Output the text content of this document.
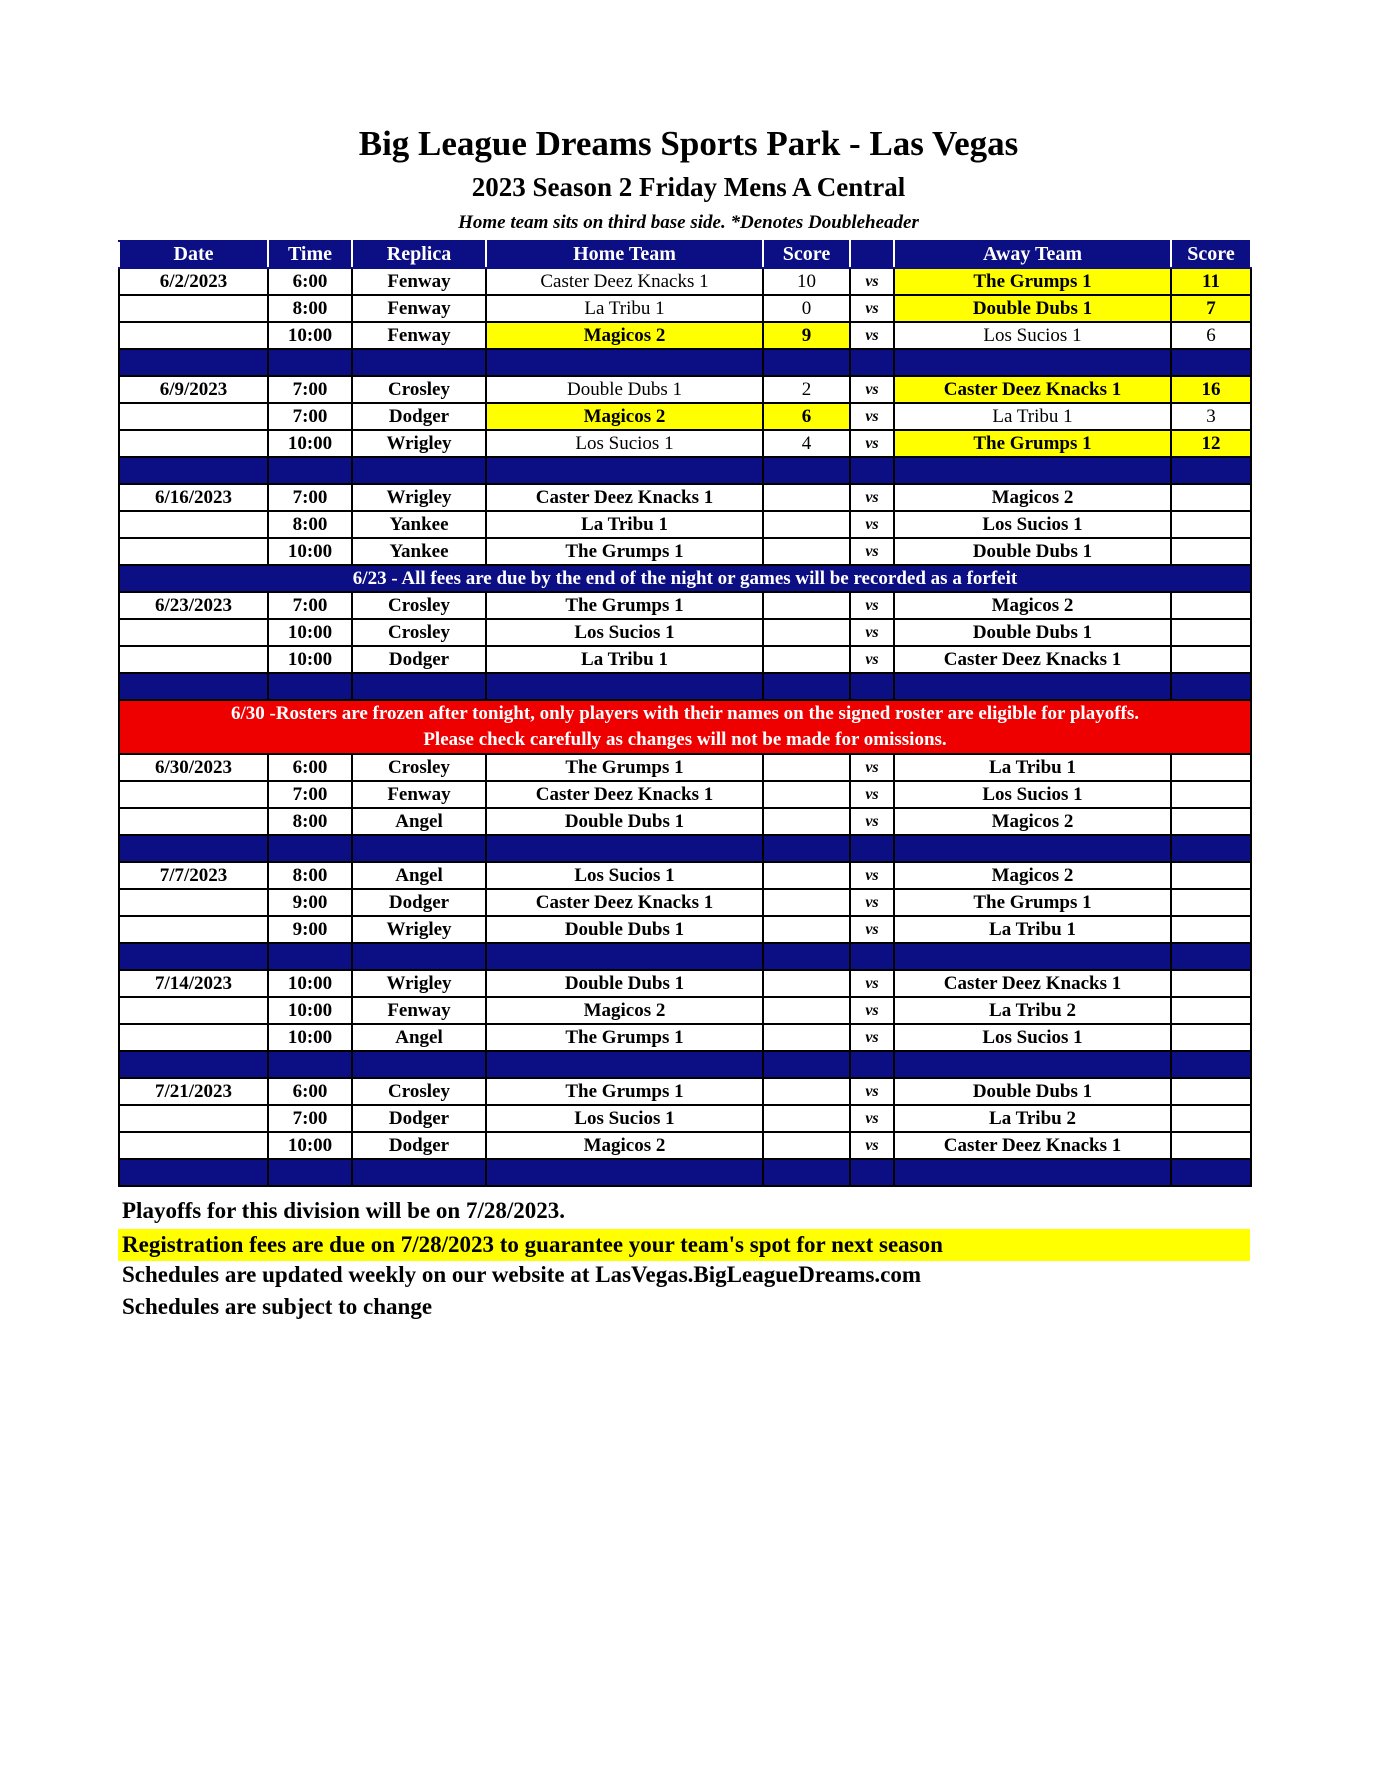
Big League Dreams Sports Park - Las Vegas
2023 Season 2 Friday Mens A Central
Home team sits on third base side. *Denotes Doubleheader
Date	Time	Replica	Home Team	Score		Away Team	Score
6/2/2023	6:00	Fenway	Caster Deez Knacks 1	10	vs	The Grumps 1	11
	8:00	Fenway	La Tribu 1	0	vs	Double Dubs 1	7
	10:00	Fenway	Magicos 2	9	vs	Los Sucios 1	6

6/9/2023	7:00	Crosley	Double Dubs 1	2	vs	Caster Deez Knacks 1	16
	7:00	Dodger	Magicos 2	6	vs	La Tribu 1	3
	10:00	Wrigley	Los Sucios 1	4	vs	The Grumps 1	12

6/16/2023	7:00	Wrigley	Caster Deez Knacks 1		vs	Magicos 2	
	8:00	Yankee	La Tribu 1		vs	Los Sucios 1	
	10:00	Yankee	The Grumps 1		vs	Double Dubs 1	
6/23 - All fees are due by the end of the night or games will be recorded as a forfeit							
6/23/2023	7:00	Crosley	The Grumps 1		vs	Magicos 2	
	10:00	Crosley	Los Sucios 1		vs	Double Dubs 1	
	10:00	Dodger	La Tribu 1		vs	Caster Deez Knacks 1	

6/30 -Rosters are frozen after tonight, only players with their names on the signed roster are eligible for playoffs.
Please check carefully as changes will not be made for omissions.							

6/30/2023	6:00	Crosley	The Grumps 1		vs	La Tribu 1	
	7:00	Fenway	Caster Deez Knacks 1		vs	Los Sucios 1	
	8:00	Angel	Double Dubs 1		vs	Magicos 2	

7/7/2023	8:00	Angel	Los Sucios 1		vs	Magicos 2	
	9:00	Dodger	Caster Deez Knacks 1		vs	The Grumps 1	
	9:00	Wrigley	Double Dubs 1		vs	La Tribu 1	

7/14/2023	10:00	Wrigley	Double Dubs 1		vs	Caster Deez Knacks 1	
	10:00	Fenway	Magicos 2		vs	La Tribu 2	
	10:00	Angel	The Grumps 1		vs	Los Sucios 1	

7/21/2023	6:00	Crosley	The Grumps 1		vs	Double Dubs 1	
	7:00	Dodger	Los Sucios 1		vs	La Tribu 2	
	10:00	Dodger	Magicos 2		vs	Caster Deez Knacks 1	

Playoffs for this division will be on 7/28/2023.
Registration fees are due on 7/28/2023 to guarantee your team's spot for next season
Schedules are updated weekly on our website at LasVegas.BigLeagueDreams.com
Schedules are subject to change
